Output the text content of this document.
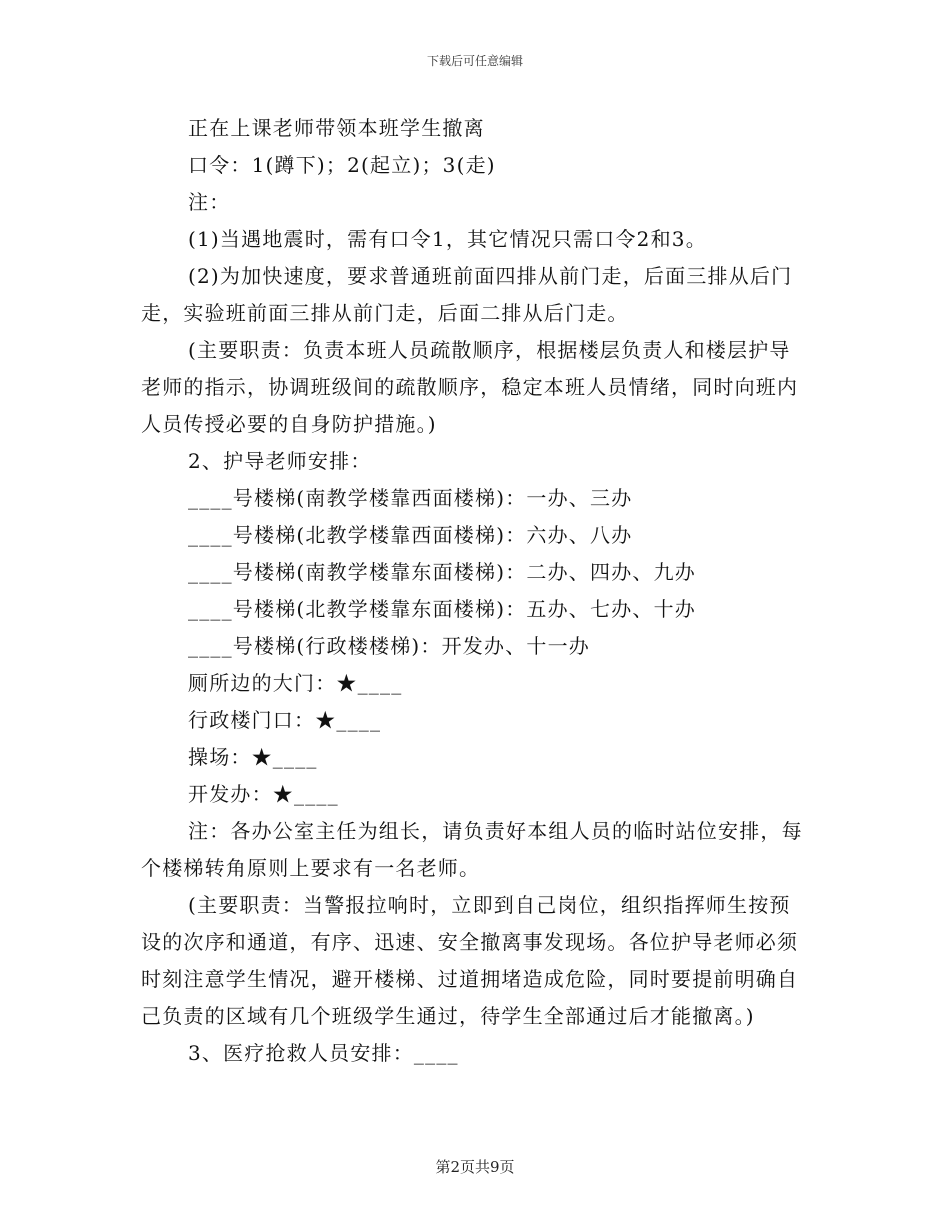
下载后可任意编辑
正在上课老师带领本班学生撤离
口令：1(蹲下)；2(起立)；3(走)
注：
(1)当遇地震时，需有口令1，其它情况只需口令2和3。
(2)为加快速度，要求普通班前面四排从前门走，后面三排从后门走，实验班前面三排从前门走，后面二排从后门走。
(主要职责：负责本班人员疏散顺序，根据楼层负责人和楼层护导老师的指示，协调班级间的疏散顺序，稳定本班人员情绪，同时向班内人员传授必要的自身防护措施。)
2、护导老师安排：
____号楼梯(南教学楼靠西面楼梯)：一办、三办
____号楼梯(北教学楼靠西面楼梯)：六办、八办
____号楼梯(南教学楼靠东面楼梯)：二办、四办、九办
____号楼梯(北教学楼靠东面楼梯)：五办、七办、十办
____号楼梯(行政楼楼梯)：开发办、十一办
厕所边的大门：★____
行政楼门口：★____
操场：★____
开发办：★____
注：各办公室主任为组长，请负责好本组人员的临时站位安排，每个楼梯转角原则上要求有一名老师。
(主要职责：当警报拉响时，立即到自己岗位，组织指挥师生按预设的次序和通道，有序、迅速、安全撤离事发现场。各位护导老师必须时刻注意学生情况，避开楼梯、过道拥堵造成危险，同时要提前明确自己负责的区域有几个班级学生通过，待学生全部通过后才能撤离。)
3、医疗抢救人员安排：____
第2页共9页
